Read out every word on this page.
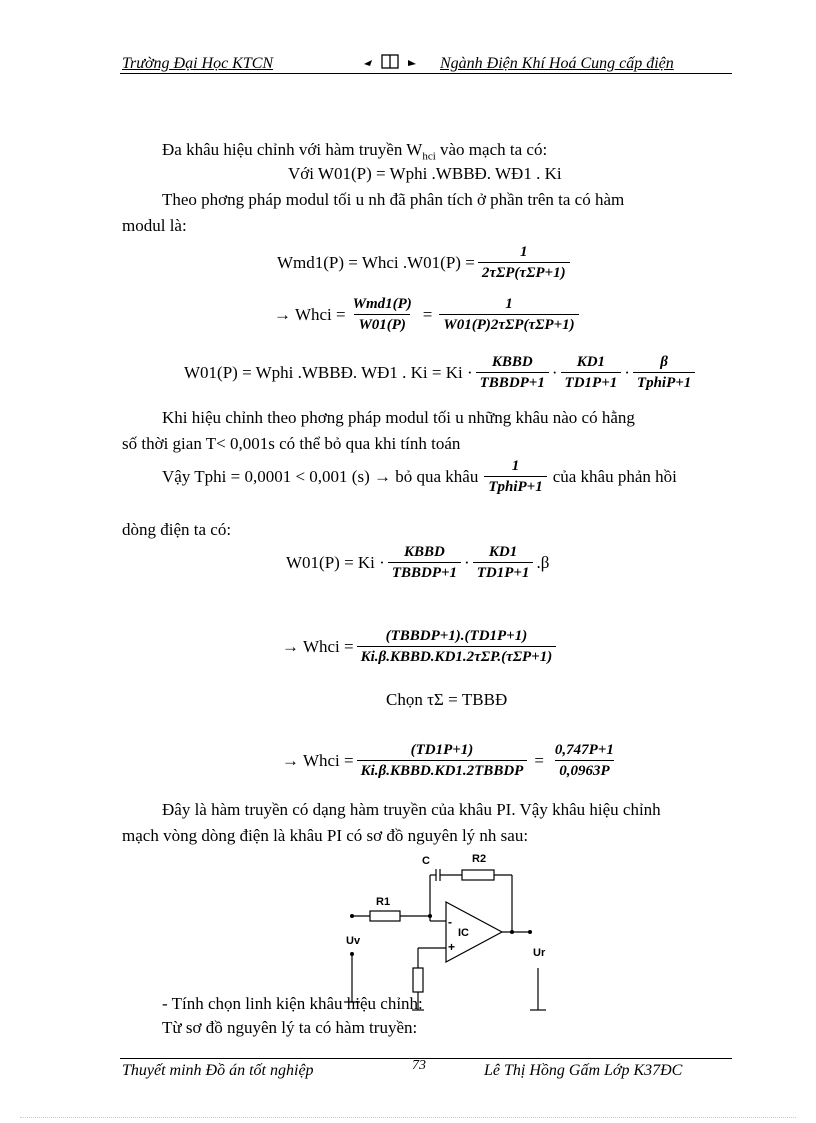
Trường Đại Học KTCN	Ngành Điện Khí Hoá Cung cấp điện
Đa khâu hiệu chỉnh với hàm truyền $W_{hci}$ vào mạch ta có:
Với W01(P) = Wphi .WBBĐ. WĐ1 . Ki
Theo phơng pháp modul tối u nh đã phân tích ở phần trên ta có hàm
modul là:
Wmd1(P) = Whci $.W01(P) = \frac{1}{\text{2τΣP(τΣP+1)}}$
→ Whci = $\frac{\text{Wmd1(P)}}{W01(P)} = \frac{1}{\text{W01(P)2τΣP(τΣP+1)}}$
W01(P) = Wphi .WBBĐ. WĐ1 . $Ki = Ki \cdot \frac{\text{KBBD}}{\text{TBBDP+1}} \cdot \frac{KD1}{TD1P+1} \cdot \frac{\beta}{\text{TphiP+1}}$
Khi hiệu chỉnh theo phơng pháp modul tối u những khâu nào có hằng
số thời gian T< 0,001s có thể bỏ qua khi tính toán
Vậy Tphi = 0,0001 < 0,001 (s) → bỏ qua khâu $\frac{1}{\text{TphiP+1}}$ của khâu phản hồi
dòng điện ta có:
$W01(P) = Ki \cdot \frac{\text{KBBD}}{\text{TBBDP+1}} \cdot \frac{KD1}{TD1P+1} .\beta$
→ Whci = $\frac{\text{(TBBDP+1).(TD1P+1)}}{\text{Ki.β.KBBD.KD1.2τΣP.(τΣP+1)}}$
Chọn τΣ = TBBĐ
→ Whci = $\frac{(TD1P+1)}{\text{Ki.β.KBBD.KD1.2TBBDP}} = \frac{0,747P+1}{0,0963P}$
Đây là hàm truyền có dạng hàm truyền của khâu PI. Vậy khâu hiệu chỉnh
mạch vòng dòng điện là khâu PI có sơ đồ nguyên lý nh sau:
C	R2
R1
IC
-
+
Uv
Ur
- Tính chọn linh kiện khâu hiệu chỉnh:
Từ sơ đồ nguyên lý ta có hàm truyền:
Thuyết minh Đồ án tốt nghiệp	73	Lê Thị Hồng Gấm Lớp K37ĐC
